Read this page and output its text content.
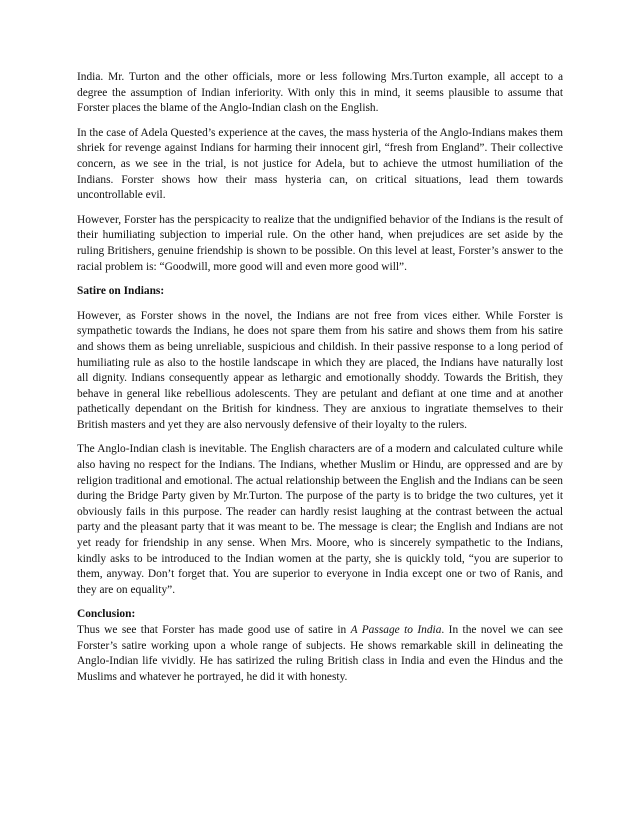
India. Mr. Turton and the other officials, more or less following Mrs.Turton example, all accept to a degree the assumption of Indian inferiority. With only this in mind, it seems plausible to assume that Forster places the blame of the Anglo-Indian clash on the English.

In the case of Adela Quested’s experience at the caves, the mass hysteria of the Anglo-Indians makes them shriek for revenge against Indians for harming their innocent girl, “fresh from England”. Their collective concern, as we see in the trial, is not justice for Adela, but to achieve the utmost humiliation of the Indians. Forster shows how their mass hysteria can, on critical situations, lead them towards uncontrollable evil.

However, Forster has the perspicacity to realize that the undignified behavior of the Indians is the result of their humiliating subjection to imperial rule. On the other hand, when prejudices are set aside by the ruling Britishers, genuine friendship is shown to be possible. On this level at least, Forster’s answer to the racial problem is: “Goodwill, more good will and even more good will”.

Satire on Indians:

However, as Forster shows in the novel, the Indians are not free from vices either. While Forster is sympathetic towards the Indians, he does not spare them from his satire and shows them from his satire and shows them as being unreliable, suspicious and childish. In their passive response to a long period of humiliating rule as also to the hostile landscape in which they are placed, the Indians have naturally lost all dignity. Indians consequently appear as lethargic and emotionally shoddy. Towards the British, they behave in general like rebellious adolescents. They are petulant and defiant at one time and at another pathetically dependant on the British for kindness. They are anxious to ingratiate themselves to their British masters and yet they are also nervously defensive of their loyalty to the rulers.

The Anglo-Indian clash is inevitable. The English characters are of a modern and calculated culture while also having no respect for the Indians. The Indians, whether Muslim or Hindu, are oppressed and are by religion traditional and emotional. The actual relationship between the English and the Indians can be seen during the Bridge Party given by Mr.Turton. The purpose of the party is to bridge the two cultures, yet it obviously fails in this purpose. The reader can hardly resist laughing at the contrast between the actual party and the pleasant party that it was meant to be. The message is clear; the English and Indians are not yet ready for friendship in any sense. When Mrs. Moore, who is sincerely sympathetic to the Indians, kindly asks to be introduced to the Indian women at the party, she is quickly told, “you are superior to them, anyway. Don’t forget that. You are superior to everyone in India except one or two of Ranis, and they are on equality”.

Conclusion:

Thus we see that Forster has made good use of satire in A Passage to India. In the novel we can see Forster’s satire working upon a whole range of subjects. He shows remarkable skill in delineating the Anglo-Indian life vividly. He has satirized the ruling British class in India and even the Hindus and the Muslims and whatever he portrayed, he did it with honesty.
